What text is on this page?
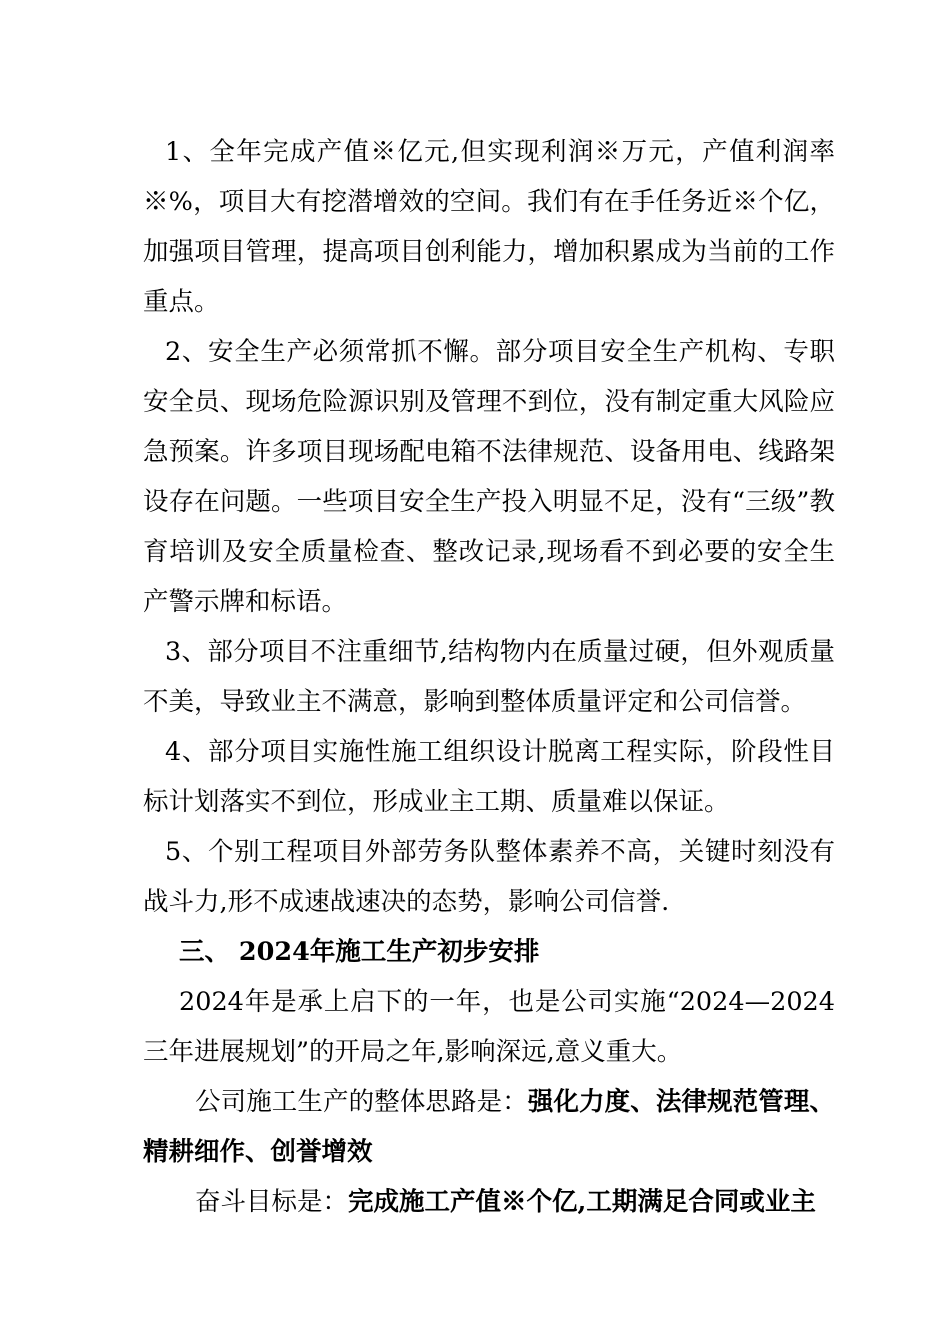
1、全年完成产值※亿元,但实现利润※万元，产值利润率※%，项目大有挖潜增效的空间。我们有在手任务近※个亿，加强项目管理，提高项目创利能力，增加积累成为当前的工作重点。

2、安全生产必须常抓不懈。部分项目安全生产机构、专职安全员、现场危险源识别及管理不到位，没有制定重大风险应急预案。许多项目现场配电箱不法律规范、设备用电、线路架设存在问题。一些项目安全生产投入明显不足，没有“三级”教育培训及安全质量检查、整改记录,现场看不到必要的安全生产警示牌和标语。

3、部分项目不注重细节,结构物内在质量过硬，但外观质量不美，导致业主不满意，影响到整体质量评定和公司信誉。

4、部分项目实施性施工组织设计脱离工程实际，阶段性目标计划落实不到位，形成业主工期、质量难以保证。

5、个别工程项目外部劳务队整体素养不高，关键时刻没有战斗力,形不成速战速决的态势，影响公司信誉.

三、 2024年施工生产初步安排

2024年是承上启下的一年，也是公司实施“2024—2024三年进展规划”的开局之年,影响深远,意义重大。

公司施工生产的整体思路是：强化力度、法律规范管理、精耕细作、创誉增效

奋斗目标是：完成施工产值※个亿,工期满足合同或业主
